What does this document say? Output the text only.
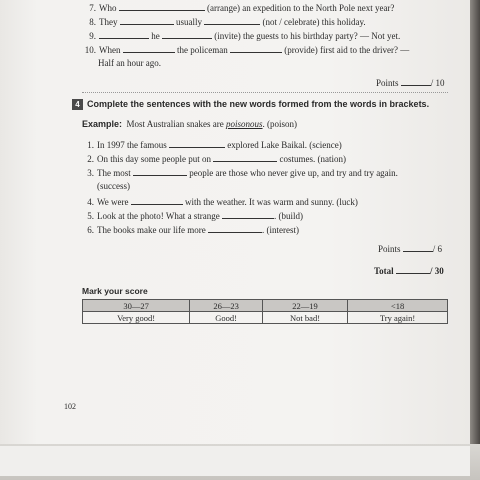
7. Who	(arrange) an expedition to the North Pole next year?
8. They	usually	(not / celebrate) this holiday.
9.	he	(invite) the guests to his birthday party? — Not yet.
10. When	the policeman	(provide) first aid to the driver? —
Half an hour ago.
Points	/ 10
4 Complete the sentences with the new words formed from the words in brackets.
Example: Most Australian snakes are poisonous. (poison)
1. In 1997 the famous	explored Lake Baikal. (science)
2. On this day some people put on	costumes. (nation)
3. The most	people are those who never give up, and try and try again.
(success)
4. We were	with the weather. It was warm and sunny. (luck)
5. Look at the photo! What a strange	. (build)
6. The books make our life more	. (interest)
Points	/ 6
Total	/ 30
Mark your score
30—27	26—23	22—19	<18
Very good!	Good!	Not bad!	Try again!
102
